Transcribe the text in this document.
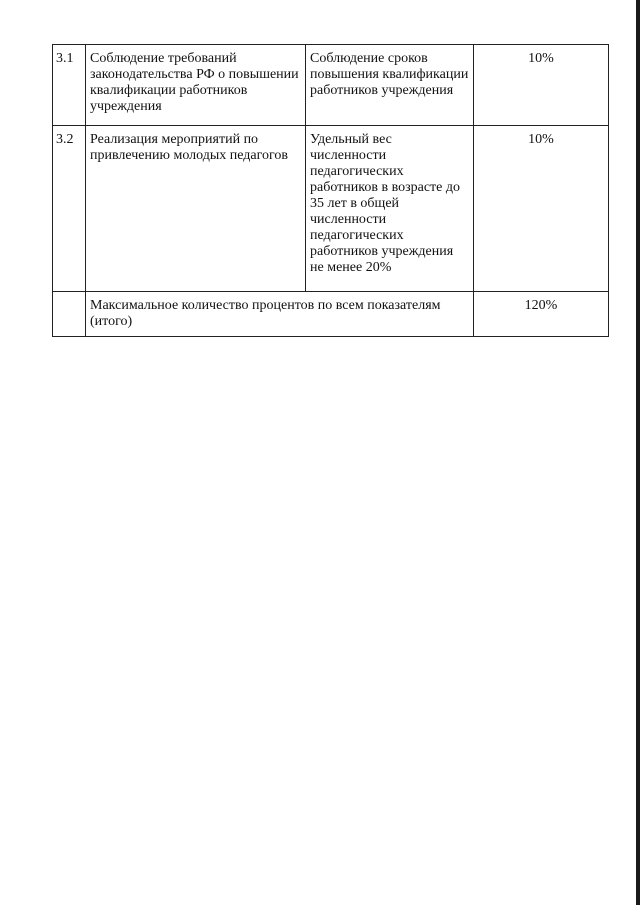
3.1	Соблюдение требований законодательства РФ о повышении квалификации работников учреждения	Соблюдение сроков повышения квалификации работников учреждения	10%
3.2	Реализация мероприятий по привлечению молодых педагогов	Удельный вес численности педагогических работников в возрасте до 35 лет в общей численности педагогических работников учреждения не менее 20%	10%
	Максимальное количество процентов по всем показателям (итого)		120%
